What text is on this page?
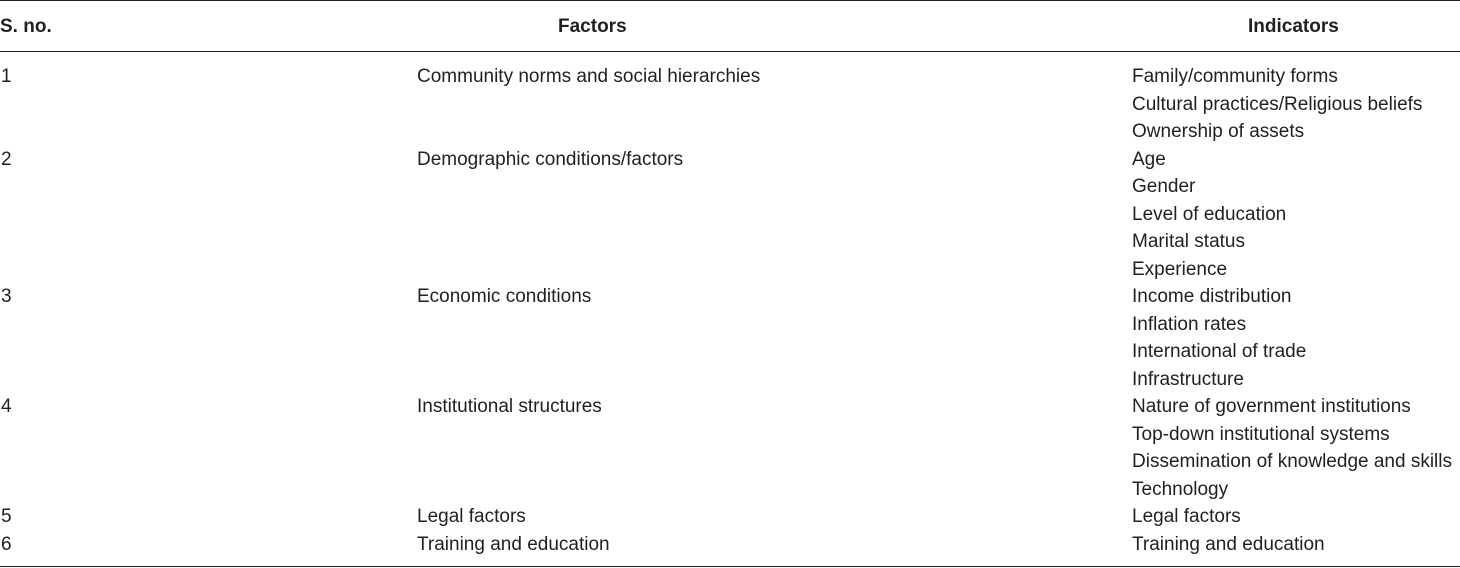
S. no.	Factors	Indicators
1	Community norms and social hierarchies	Family/community forms
Cultural practices/Religious beliefs
Ownership of assets
2	Demographic conditions/factors	Age
Gender
Level of education
Marital status
Experience
3	Economic conditions	Income distribution
Inflation rates
International of trade
Infrastructure
4	Institutional structures	Nature of government institutions
Top-down institutional systems
Dissemination of knowledge and skills
Technology
5	Legal factors	Legal factors
6	Training and education	Training and education
